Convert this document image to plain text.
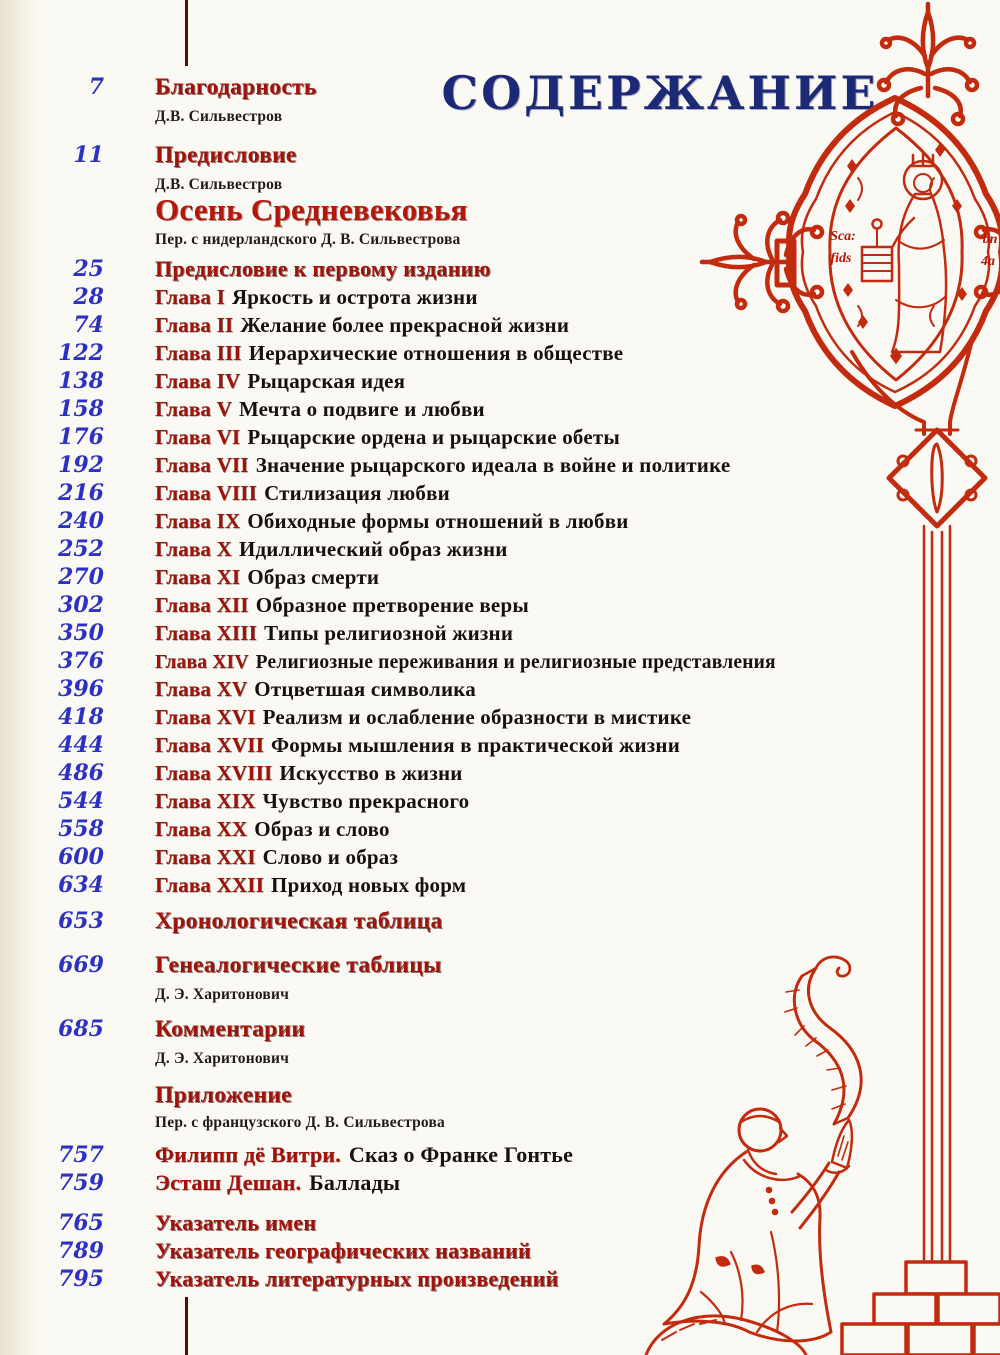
СОДЕРЖАНИЕ
7 Благодарность
Д.В. Сильвестров
11 Предисловие
Д.В. Сильвестров
Осень Средневековья
Пер. с нидерландского Д. В. Сильвестрова
25 Предисловие к первому изданию
28 Глава I Яркость и острота жизни
74 Глава II Желание более прекрасной жизни
122 Глава III Иерархические отношения в обществе
138 Глава IV Рыцарская идея
158 Глава V Мечта о подвиге и любви
176 Глава VI Рыцарские ордена и рыцарские обеты
192 Глава VII Значение рыцарского идеала в войне и политике
216 Глава VIII Стилизация любви
240 Глава IX Обиходные формы отношений в любви
252 Глава X Идиллический образ жизни
270 Глава XI Образ смерти
302 Глава XII Образное претворение веры
350 Глава XIII Типы религиозной жизни
376	Глава XIV Религиозные переживания и религиозные представления
396 Глава XV Отцветшая символика
418 Глава XVI Реализм и ослабление образности в мистике
444 Глава XVII Формы мышления в практической жизни
486 Глава XVIII Искусство в жизни
544 Глава XIX Чувство прекрасного
558 Глава XX Образ и слово
600 Глава XXI Слово и образ
634 Глава XXII Приход новых форм
653 Хронологическая таблица
669 Генеалогические таблицы
Д. Э. Харитонович
685 Комментарии
Д. Э. Харитонович
Приложение
Пер. с французского Д. В. Сильвестрова
757 Филипп дё Витри. Сказ о Франке Гонтье
759 Эсташ Дешан. Баллады
765 Указатель имен
789 Указатель географических названий
795 Указатель литературных произведений
Sca:
fids
bn
4a
